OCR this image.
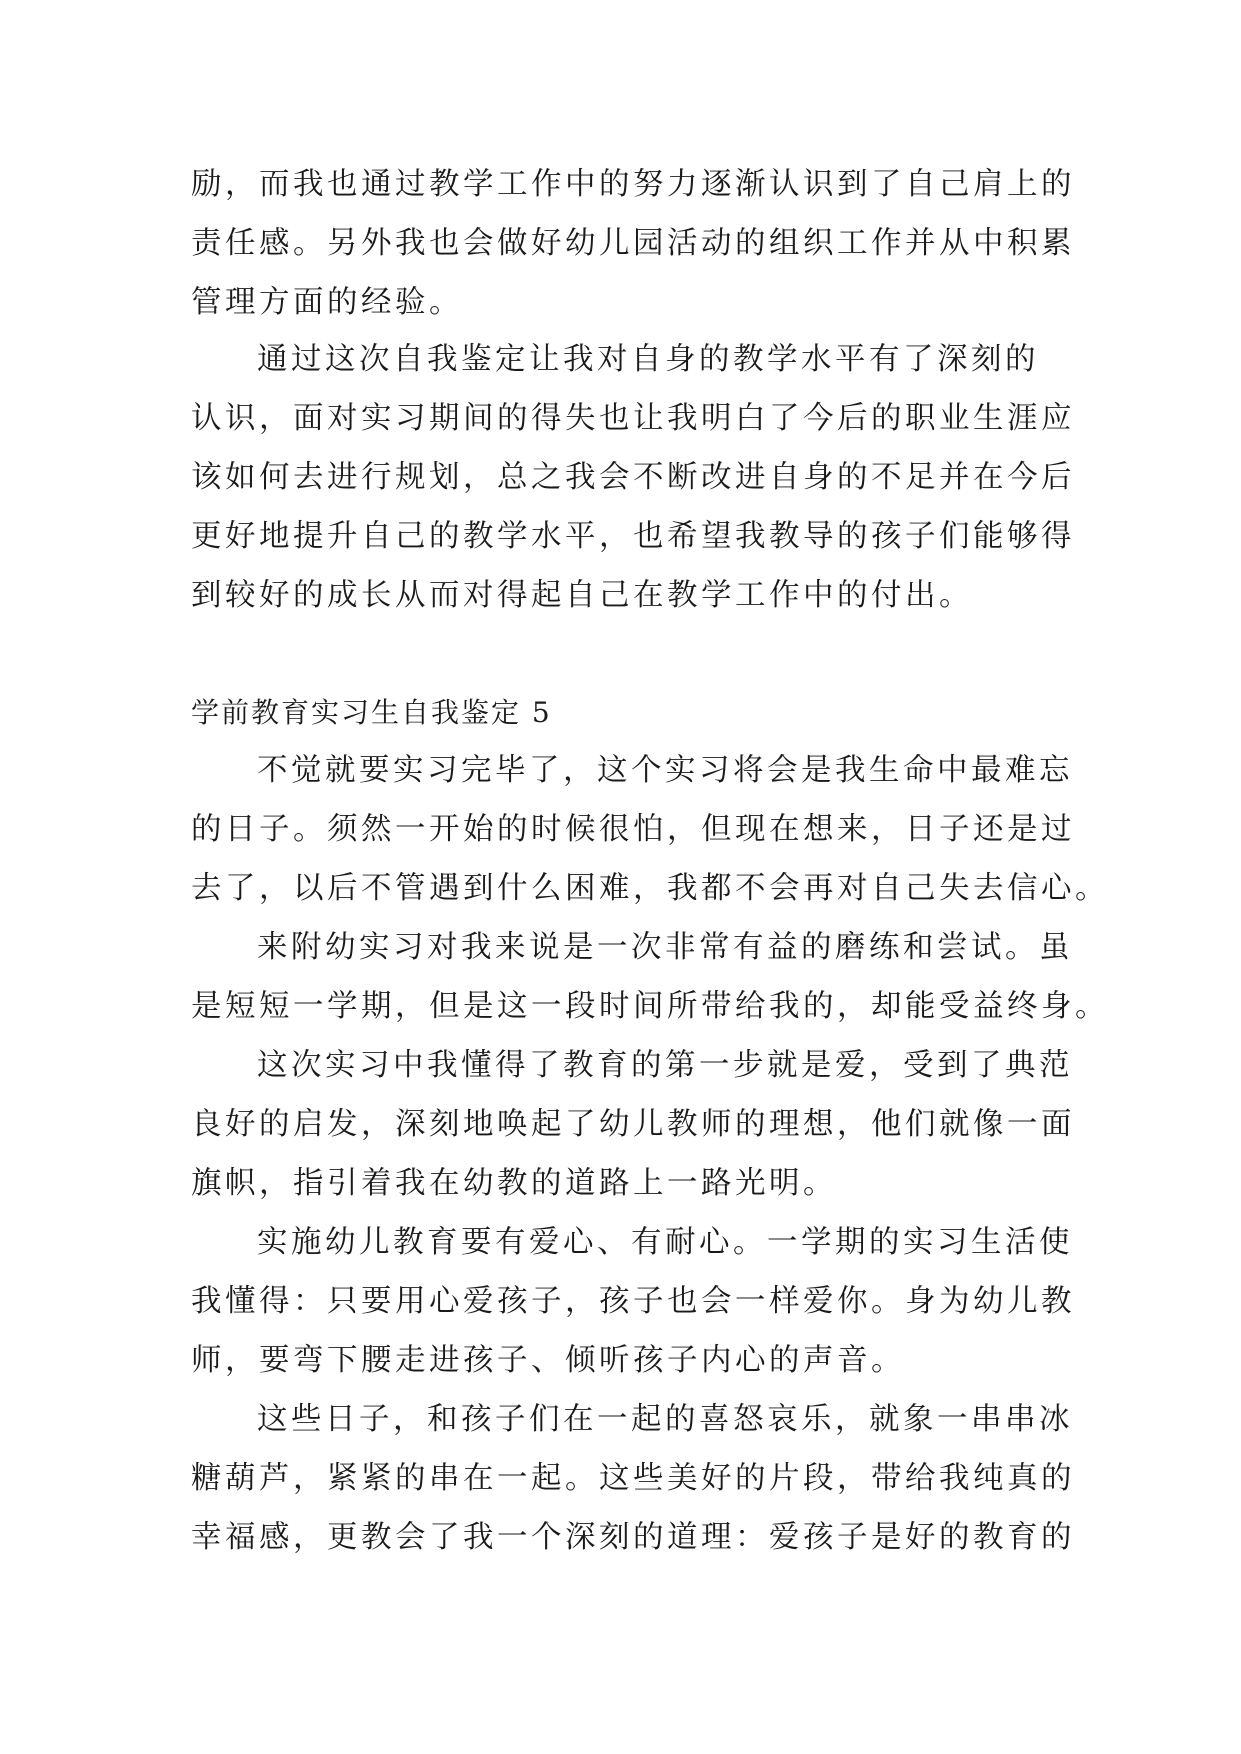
励，而我也通过教学工作中的努力逐渐认识到了自己肩上的
责任感。另外我也会做好幼儿园活动的组织工作并从中积累
管理方面的经验。
通过这次自我鉴定让我对自身的教学水平有了深刻的
认识，面对实习期间的得失也让我明白了今后的职业生涯应
该如何去进行规划，总之我会不断改进自身的不足并在今后
更好地提升自己的教学水平，也希望我教导的孩子们能够得
到较好的成长从而对得起自己在教学工作中的付出。
学前教育实习生自我鉴定 5
不觉就要实习完毕了，这个实习将会是我生命中最难忘
的日子。须然一开始的时候很怕，但现在想来，日子还是过
去了，以后不管遇到什么困难，我都不会再对自己失去信心。
来附幼实习对我来说是一次非常有益的磨练和尝试。虽
是短短一学期，但是这一段时间所带给我的，却能受益终身。
这次实习中我懂得了教育的第一步就是爱，受到了典范
良好的启发，深刻地唤起了幼儿教师的理想，他们就像一面
旗帜，指引着我在幼教的道路上一路光明。
实施幼儿教育要有爱心、有耐心。一学期的实习生活使
我懂得：只要用心爱孩子，孩子也会一样爱你。身为幼儿教
师，要弯下腰走进孩子、倾听孩子内心的声音。
这些日子，和孩子们在一起的喜怒哀乐，就象一串串冰
糖葫芦，紧紧的串在一起。这些美好的片段，带给我纯真的
幸福感，更教会了我一个深刻的道理：爱孩子是好的教育的
